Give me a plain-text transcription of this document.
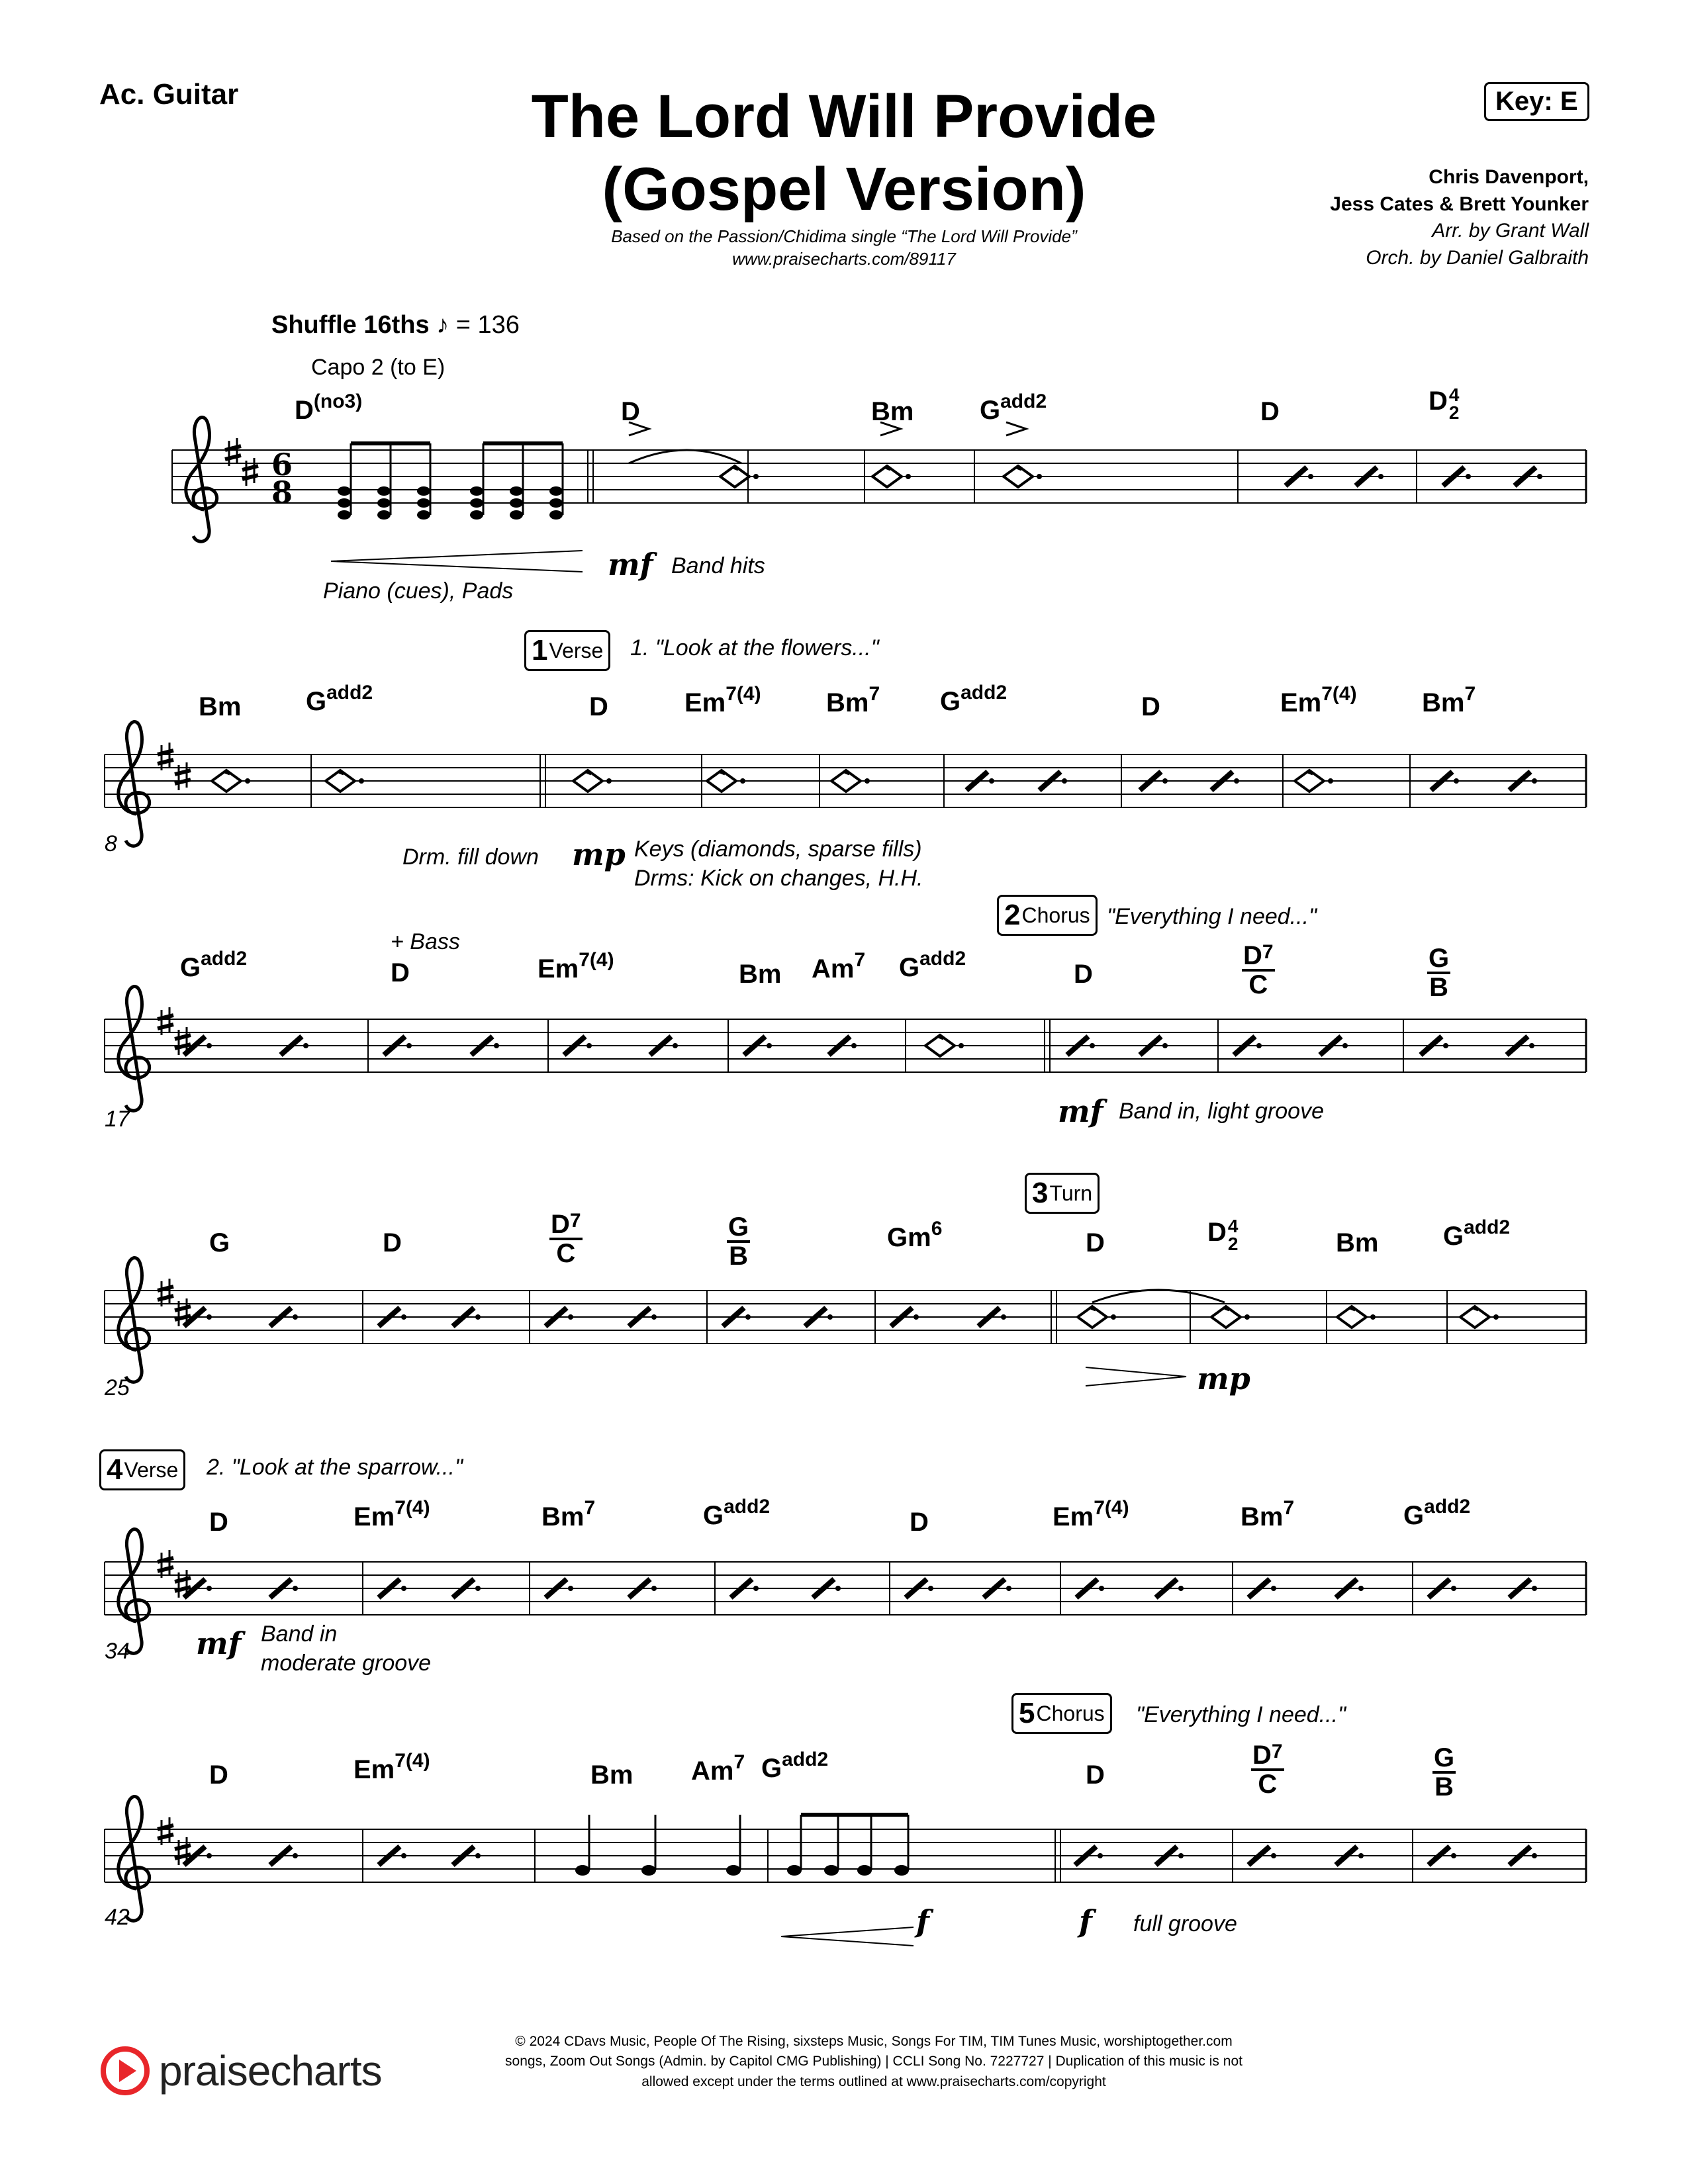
Ac. Guitar	The Lord Will Provide
(Gospel Version)
Based on the Passion/Chidima single “The Lord Will Provide”
www.praisecharts.com/89117
Key: E
Chris Davenport,
Jess Cates & Brett Younker
Arr. by Grant Wall
Orch. by Daniel Galbraith
Shuffle 16ths ♪ = 136
Capo 2 (to E)
6
8
$D^{(no3)}$	D	Bm $G^{add2}$	D	D4
2
Piano (cues), Pads
mf Band hits
1 Verse 1. "Look at the flowers..."
Bm $G^{add2}$	D	$Em^{7(4)}$ Bm$^7$ $G^{add2}$	D	$Em^{7(4)}$ Bm$^7$
8
Drm. fill down mp Keys (diamonds, sparse fills)
Drms: Kick on changes, H.H.
2 Chorus "Everything I need..."
+ Bass
$G^{add2}$	D	$Em^{7(4)}$	Bm Am$^7$ $G^{add2}$
D	$\frac{D^7}{C}$	$\frac{G}{B}$
17	mf Band in, light groove
3 Turn
G	D	$\frac{D^7}{C}$	$\frac{G}{B}$	Gm$^6$	D	D4
2	Bm $G^{add2}$
25	mp
4 Verse 2. "Look at the sparrow..."
D	$Em^{7(4)}$	Bm$^7$	$G^{add2}$
D	$Em^{7(4)}$	Bm$^7$	$G^{add2}$
34 mf Band in
moderate groove
5 Chorus "Everything I need..."
D	$Em^{7(4)}$	Bm Am$^7$ $G^{add2}$
D	$\frac{D^7}{C}$	$\frac{G}{B}$
42	f	f full groove
praisecharts
© 2024 CDavs Music, People Of The Rising, sixsteps Music, Songs For TIM, TIM Tunes Music, worshiptogether.com
songs, Zoom Out Songs (Admin. by Capitol CMG Publishing) | CCLI Song No. 7227727 | Duplication of this music is not
allowed except under the terms outlined at www.praisecharts.com/copyright
